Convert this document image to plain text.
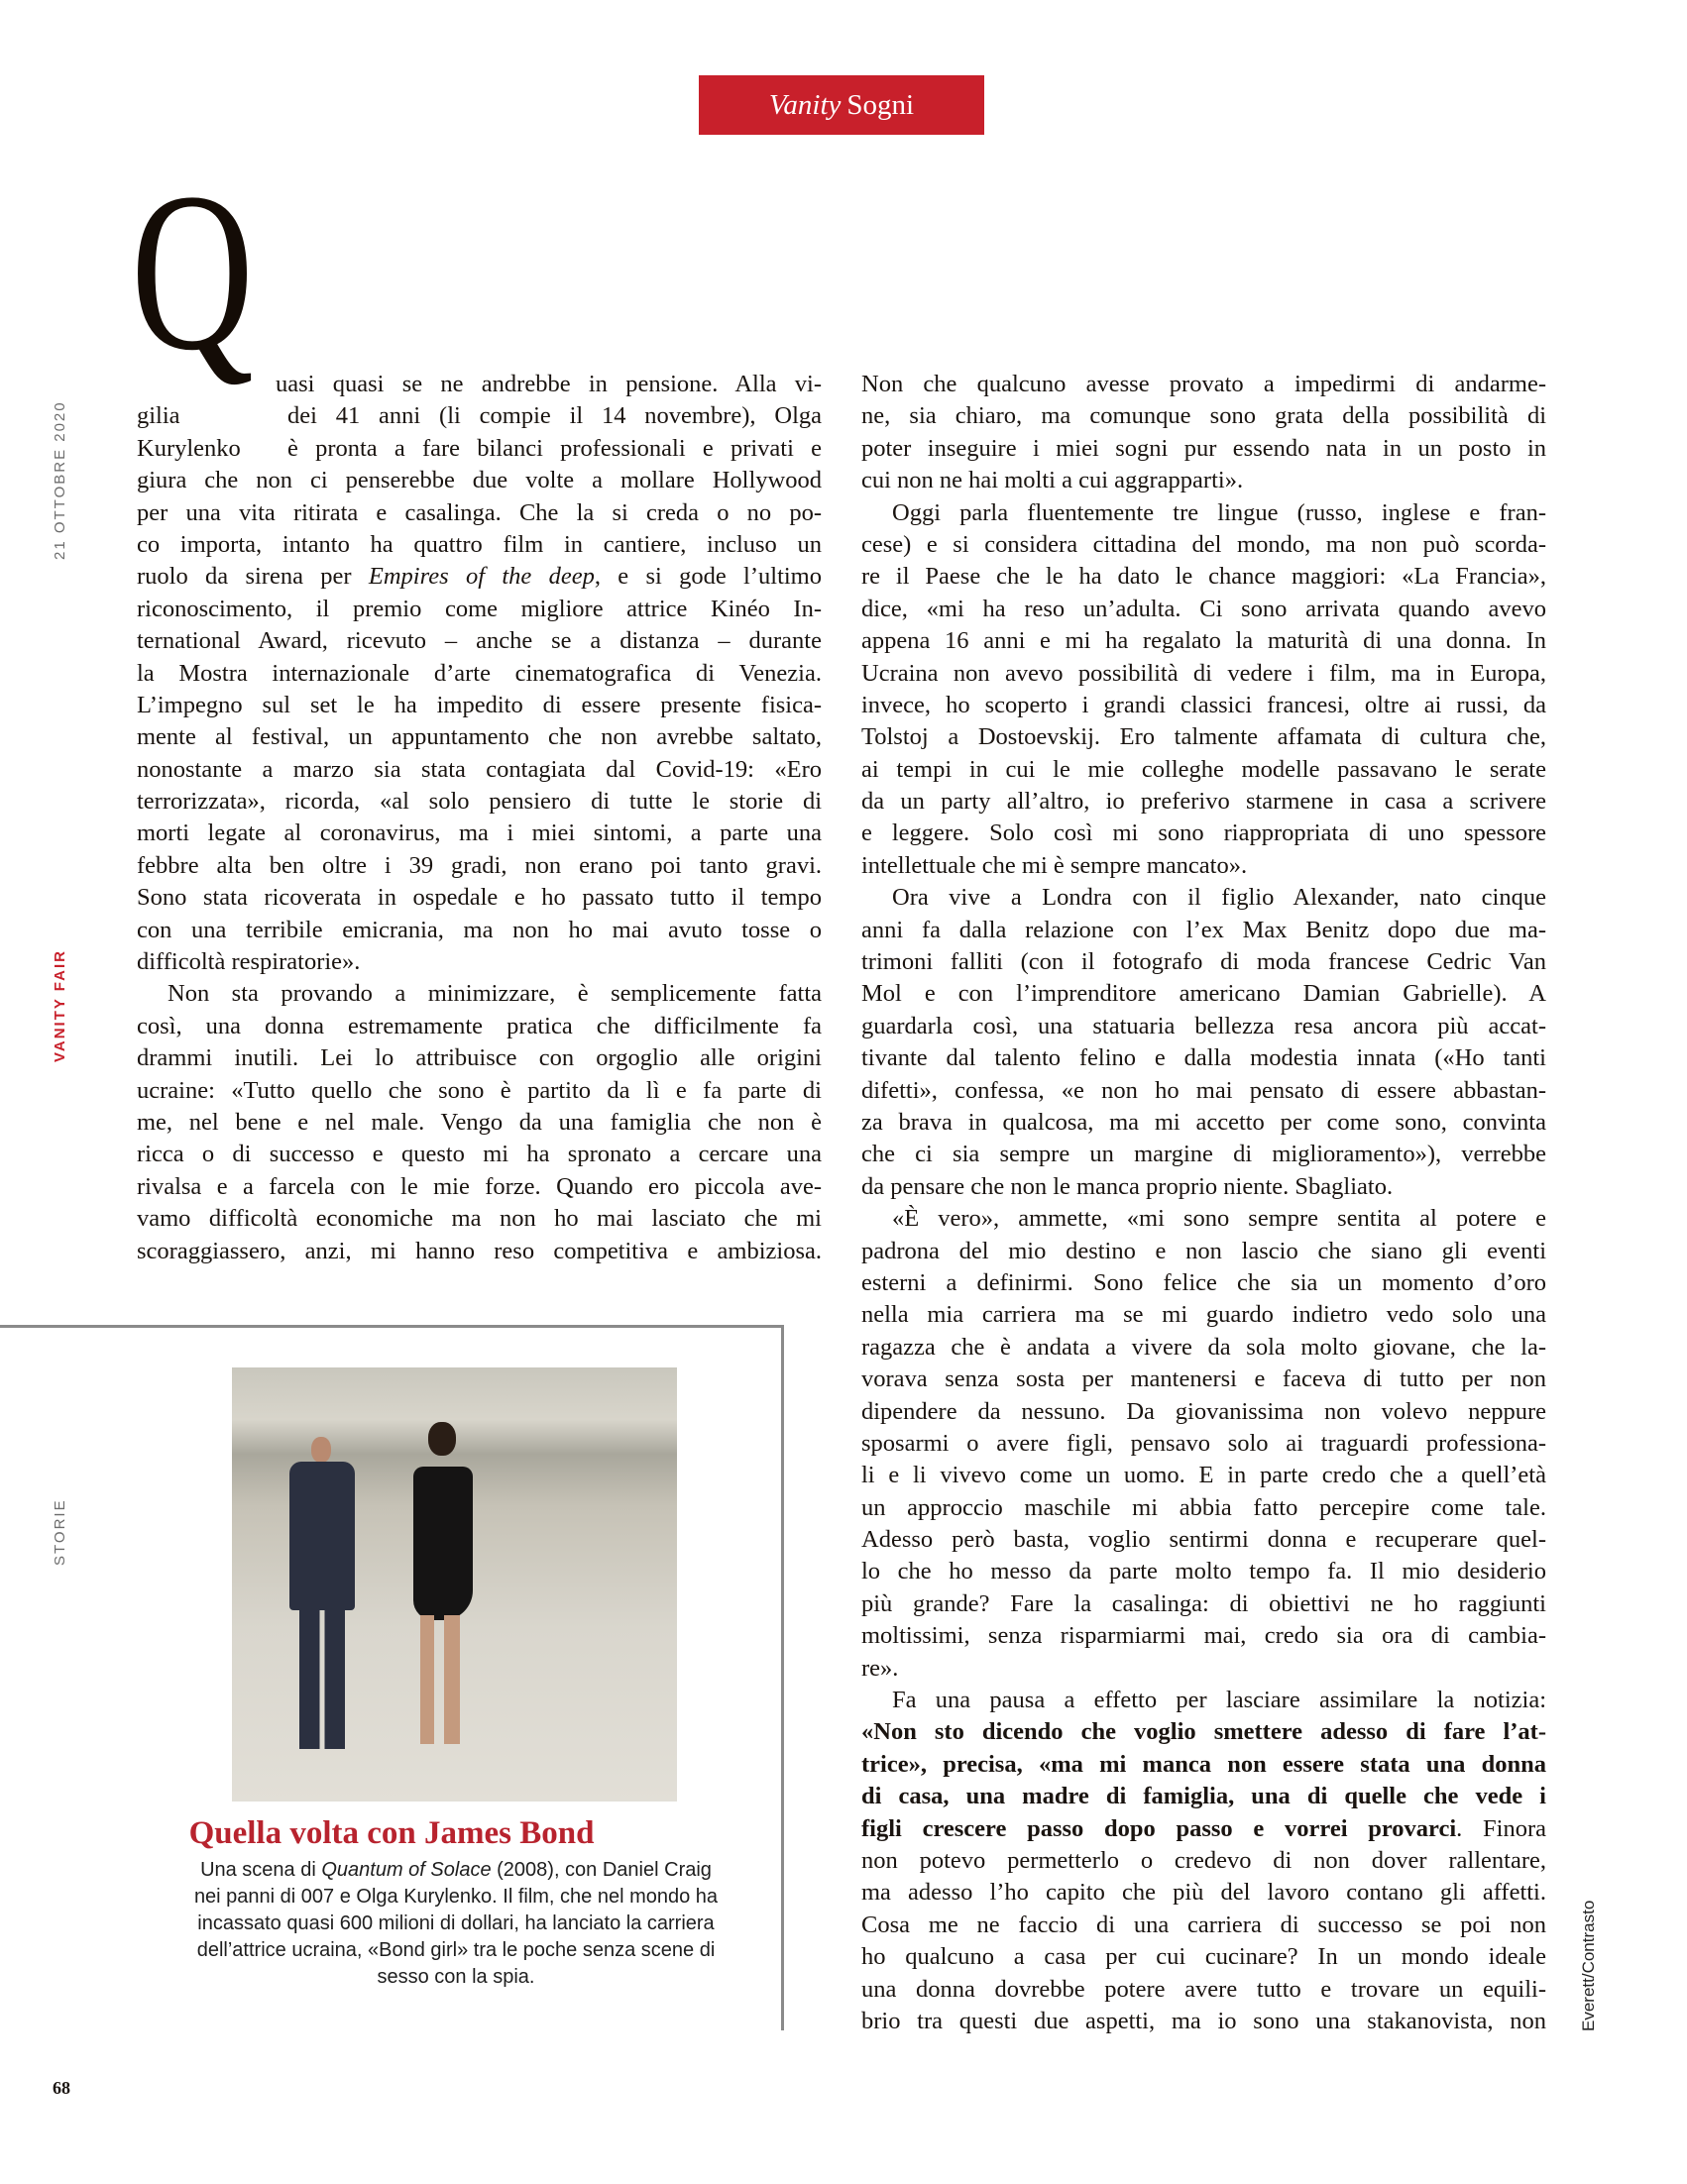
Vanity Sogni
21 OTTOBRE 2020
VANITY FAIR
STORIE
Everett/Contrasto
Q uasi quasi se ne andrebbe in pensione. Alla vi-
gilia	dei 41 anni (li compie il 14 novembre), Olga
Kurylenko è pronta a fare bilanci professionali e privati e
giura che non ci penserebbe due volte a mollare Hollywood
per una vita ritirata e casalinga. Che la si creda o no po-
co importa, intanto ha quattro film in cantiere, incluso un
ruolo da sirena per Empires of the deep, e si gode l’ultimo
riconoscimento, il premio come migliore attrice Kinéo In-
ternational Award, ricevuto – anche se a distanza – durante
la Mostra internazionale d’arte cinematografica di Venezia.
L’impegno sul set le ha impedito di essere presente fisica-
mente al festival, un appuntamento che non avrebbe saltato,
nonostante a marzo sia stata contagiata dal Covid-19: «Ero
terrorizzata», ricorda, «al solo pensiero di tutte le storie di
morti legate al coronavirus, ma i miei sintomi, a parte una
febbre alta ben oltre i 39 gradi, non erano poi tanto gravi.
Sono stata ricoverata in ospedale e ho passato tutto il tempo
con una terribile emicrania, ma non ho mai avuto tosse o
difficoltà respiratorie».
Non sta provando a minimizzare, è semplicemente fatta
così, una donna estremamente pratica che difficilmente fa
drammi inutili. Lei lo attribuisce con orgoglio alle origini
ucraine: «Tutto quello che sono è partito da lì e fa parte di
me, nel bene e nel male. Vengo da una famiglia che non è
ricca o di successo e questo mi ha spronato a cercare una
rivalsa e a farcela con le mie forze. Quando ero piccola ave-
vamo difficoltà economiche ma non ho mai lasciato che mi
scoraggiassero, anzi, mi hanno reso competitiva e ambiziosa.
Non che qualcuno avesse provato a impedirmi di andarme-
ne, sia chiaro, ma comunque sono grata della possibilità di
poter inseguire i miei sogni pur essendo nata in un posto in
cui non ne hai molti a cui aggrapparti».
Oggi parla fluentemente tre lingue (russo, inglese e fran-
cese) e si considera cittadina del mondo, ma non può scorda-
re il Paese che le ha dato le chance maggiori: «La Francia»,
dice, «mi ha reso un’adulta. Ci sono arrivata quando avevo
appena 16 anni e mi ha regalato la maturità di una donna. In
Ucraina non avevo possibilità di vedere i film, ma in Europa,
invece, ho scoperto i grandi classici francesi, oltre ai russi, da
Tolstoj a Dostoevskij. Ero talmente affamata di cultura che,
ai tempi in cui le mie colleghe modelle passavano le serate
da un party all’altro, io preferivo starmene in casa a scrivere
e leggere. Solo così mi sono riappropriata di uno spessore
intellettuale che mi è sempre mancato».
Ora vive a Londra con il figlio Alexander, nato cinque
anni fa dalla relazione con l’ex Max Benitz dopo due ma-
trimoni falliti (con il fotografo di moda francese Cedric Van
Mol e con l’imprenditore americano Damian Gabrielle). A
guardarla così, una statuaria bellezza resa ancora più accat-
tivante dal talento felino e dalla modestia innata («Ho tanti
difetti», confessa, «e non ho mai pensato di essere abbastan-
za brava in qualcosa, ma mi accetto per come sono, convinta
che ci sia sempre un margine di miglioramento»), verrebbe
da pensare che non le manca proprio niente. Sbagliato.
«È vero», ammette, «mi sono sempre sentita al potere e
padrona del mio destino e non lascio che siano gli eventi
esterni a definirmi. Sono felice che sia un momento d’oro
nella mia carriera ma se mi guardo indietro vedo solo una
ragazza che è andata a vivere da sola molto giovane, che la-
vorava senza sosta per mantenersi e faceva di tutto per non
dipendere da nessuno. Da giovanissima non volevo neppure
sposarmi o avere figli, pensavo solo ai traguardi professiona-
li e li vivevo come un uomo. E in parte credo che a quell’età
un approccio maschile mi abbia fatto percepire come tale.
Adesso però basta, voglio sentirmi donna e recuperare quel-
lo che ho messo da parte molto tempo fa. Il mio desiderio
più grande? Fare la casalinga: di obiettivi ne ho raggiunti
moltissimi, senza risparmiarmi mai, credo sia ora di cambia-
re».
Fa una pausa a effetto per lasciare assimilare la notizia:
«Non sto dicendo che voglio smettere adesso di fare l’at-
trice», precisa, «ma mi manca non essere stata una donna
di casa, una madre di famiglia, una di quelle che vede i
figli crescere passo dopo passo e vorrei provarci. Finora
non potevo permetterlo o credevo di non dover rallentare,
ma adesso l’ho capito che più del lavoro contano gli affetti.
Cosa me ne faccio di una carriera di successo se poi non
ho qualcuno a casa per cui cucinare? In un mondo ideale
una donna dovrebbe potere avere tutto e trovare un equili-
brio tra questi due aspetti, ma io sono una stakanovista, non
Quella volta con James Bond
Una scena di Quantum of Solace (2008), con Daniel Craig nei panni di 007 e Olga Kurylenko. Il film, che nel mondo ha incassato quasi 600 milioni di dollari, ha lanciato la carriera dell’attrice ucraina, «Bond girl» tra le poche senza scene di sesso con la spia.
68
